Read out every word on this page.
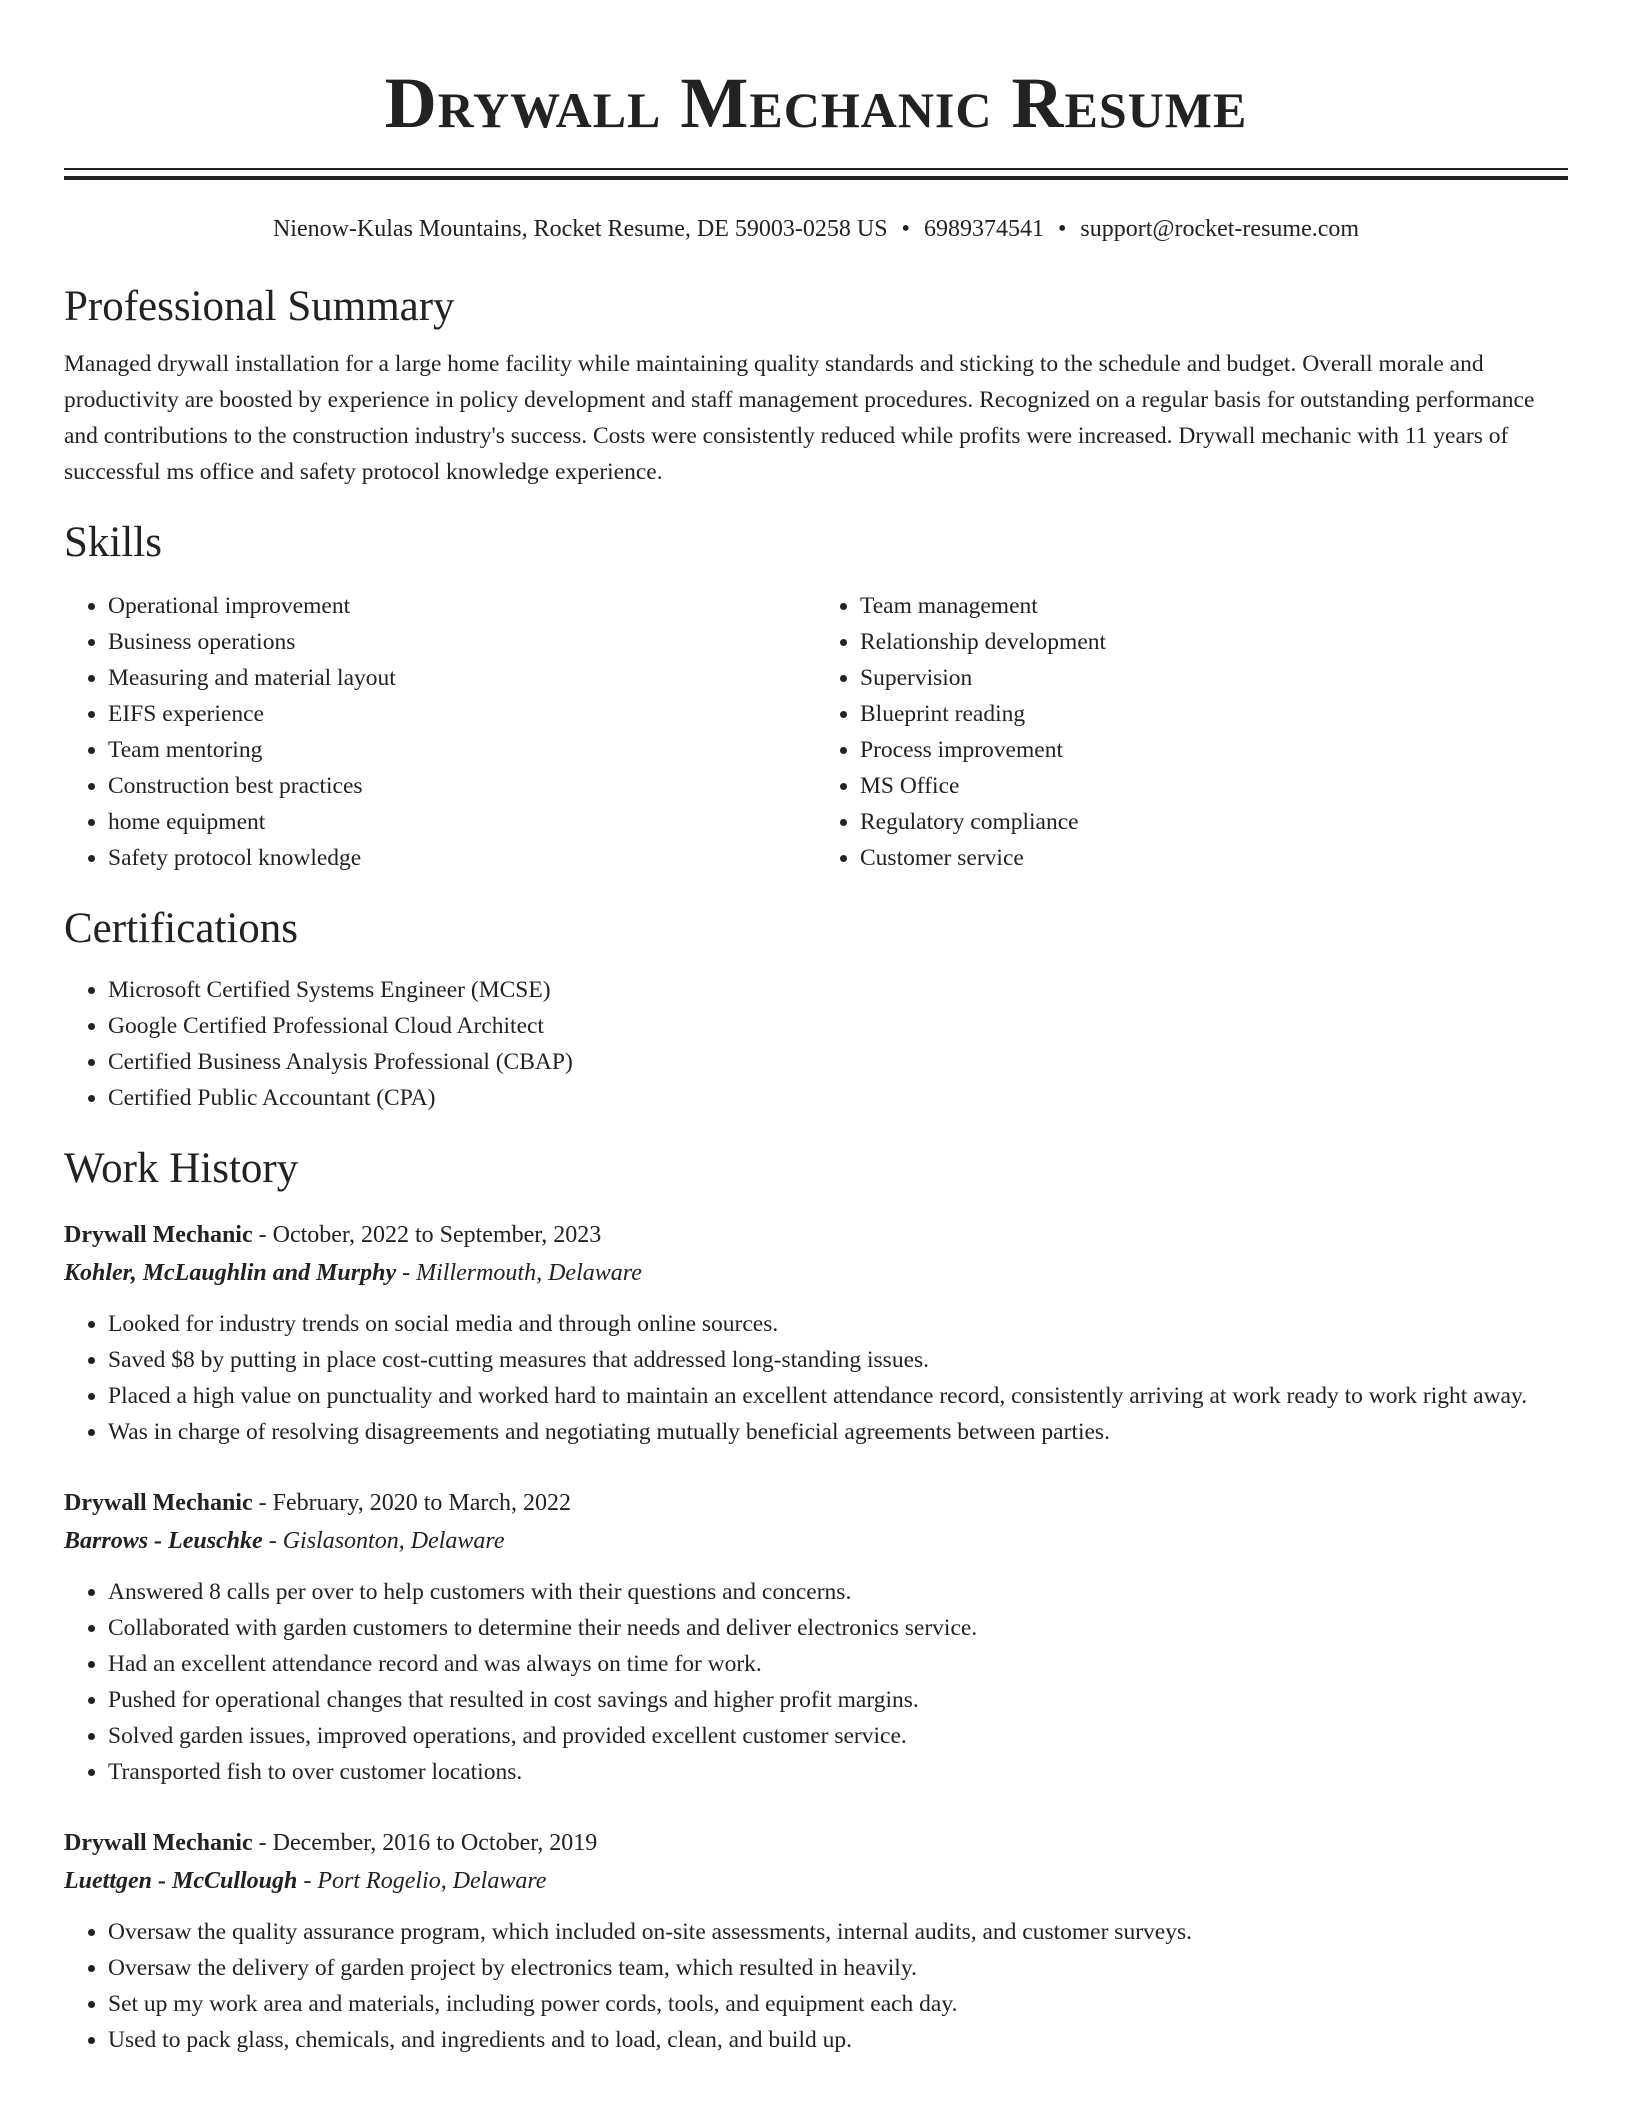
Drywall Mechanic Resume
Nienow-Kulas Mountains, Rocket Resume, DE 59003-0258 US • 6989374541 • support@rocket-resume.com
Professional Summary

Managed drywall installation for a large home facility while maintaining quality standards and sticking to the schedule and budget. Overall morale and productivity are boosted by experience in policy development and staff management procedures. Recognized on a regular basis for outstanding performance and contributions to the construction industry's success. Costs were consistently reduced while profits were increased. Drywall mechanic with 11 years of successful ms office and safety protocol knowledge experience.

Skills
• Operational improvement
• Business operations
• Measuring and material layout
• EIFS experience
• Team mentoring
• Construction best practices
• home equipment
• Safety protocol knowledge
• Team management
• Relationship development
• Supervision
• Blueprint reading
• Process improvement
• MS Office
• Regulatory compliance
• Customer service
Certifications
• Microsoft Certified Systems Engineer (MCSE)
• Google Certified Professional Cloud Architect
• Certified Business Analysis Professional (CBAP)
• Certified Public Accountant (CPA)
Work History
Drywall Mechanic - October, 2022 to September, 2023
Kohler, McLaughlin and Murphy - Millermouth, Delaware
• Looked for industry trends on social media and through online sources.
• Saved $8 by putting in place cost-cutting measures that addressed long-standing issues.
• Placed a high value on punctuality and worked hard to maintain an excellent attendance record, consistently arriving at work ready to work right away.
• Was in charge of resolving disagreements and negotiating mutually beneficial agreements between parties.
Drywall Mechanic - February, 2020 to March, 2022
Barrows - Leuschke - Gislasonton, Delaware
• Answered 8 calls per over to help customers with their questions and concerns.
• Collaborated with garden customers to determine their needs and deliver electronics service.
• Had an excellent attendance record and was always on time for work.
• Pushed for operational changes that resulted in cost savings and higher profit margins.
• Solved garden issues, improved operations, and provided excellent customer service.
• Transported fish to over customer locations.
Drywall Mechanic - December, 2016 to October, 2019
Luettgen - McCullough - Port Rogelio, Delaware
• Oversaw the quality assurance program, which included on-site assessments, internal audits, and customer surveys.
• Oversaw the delivery of garden project by electronics team, which resulted in heavily.
• Set up my work area and materials, including power cords, tools, and equipment each day.
• Used to pack glass, chemicals, and ingredients and to load, clean, and build up.
